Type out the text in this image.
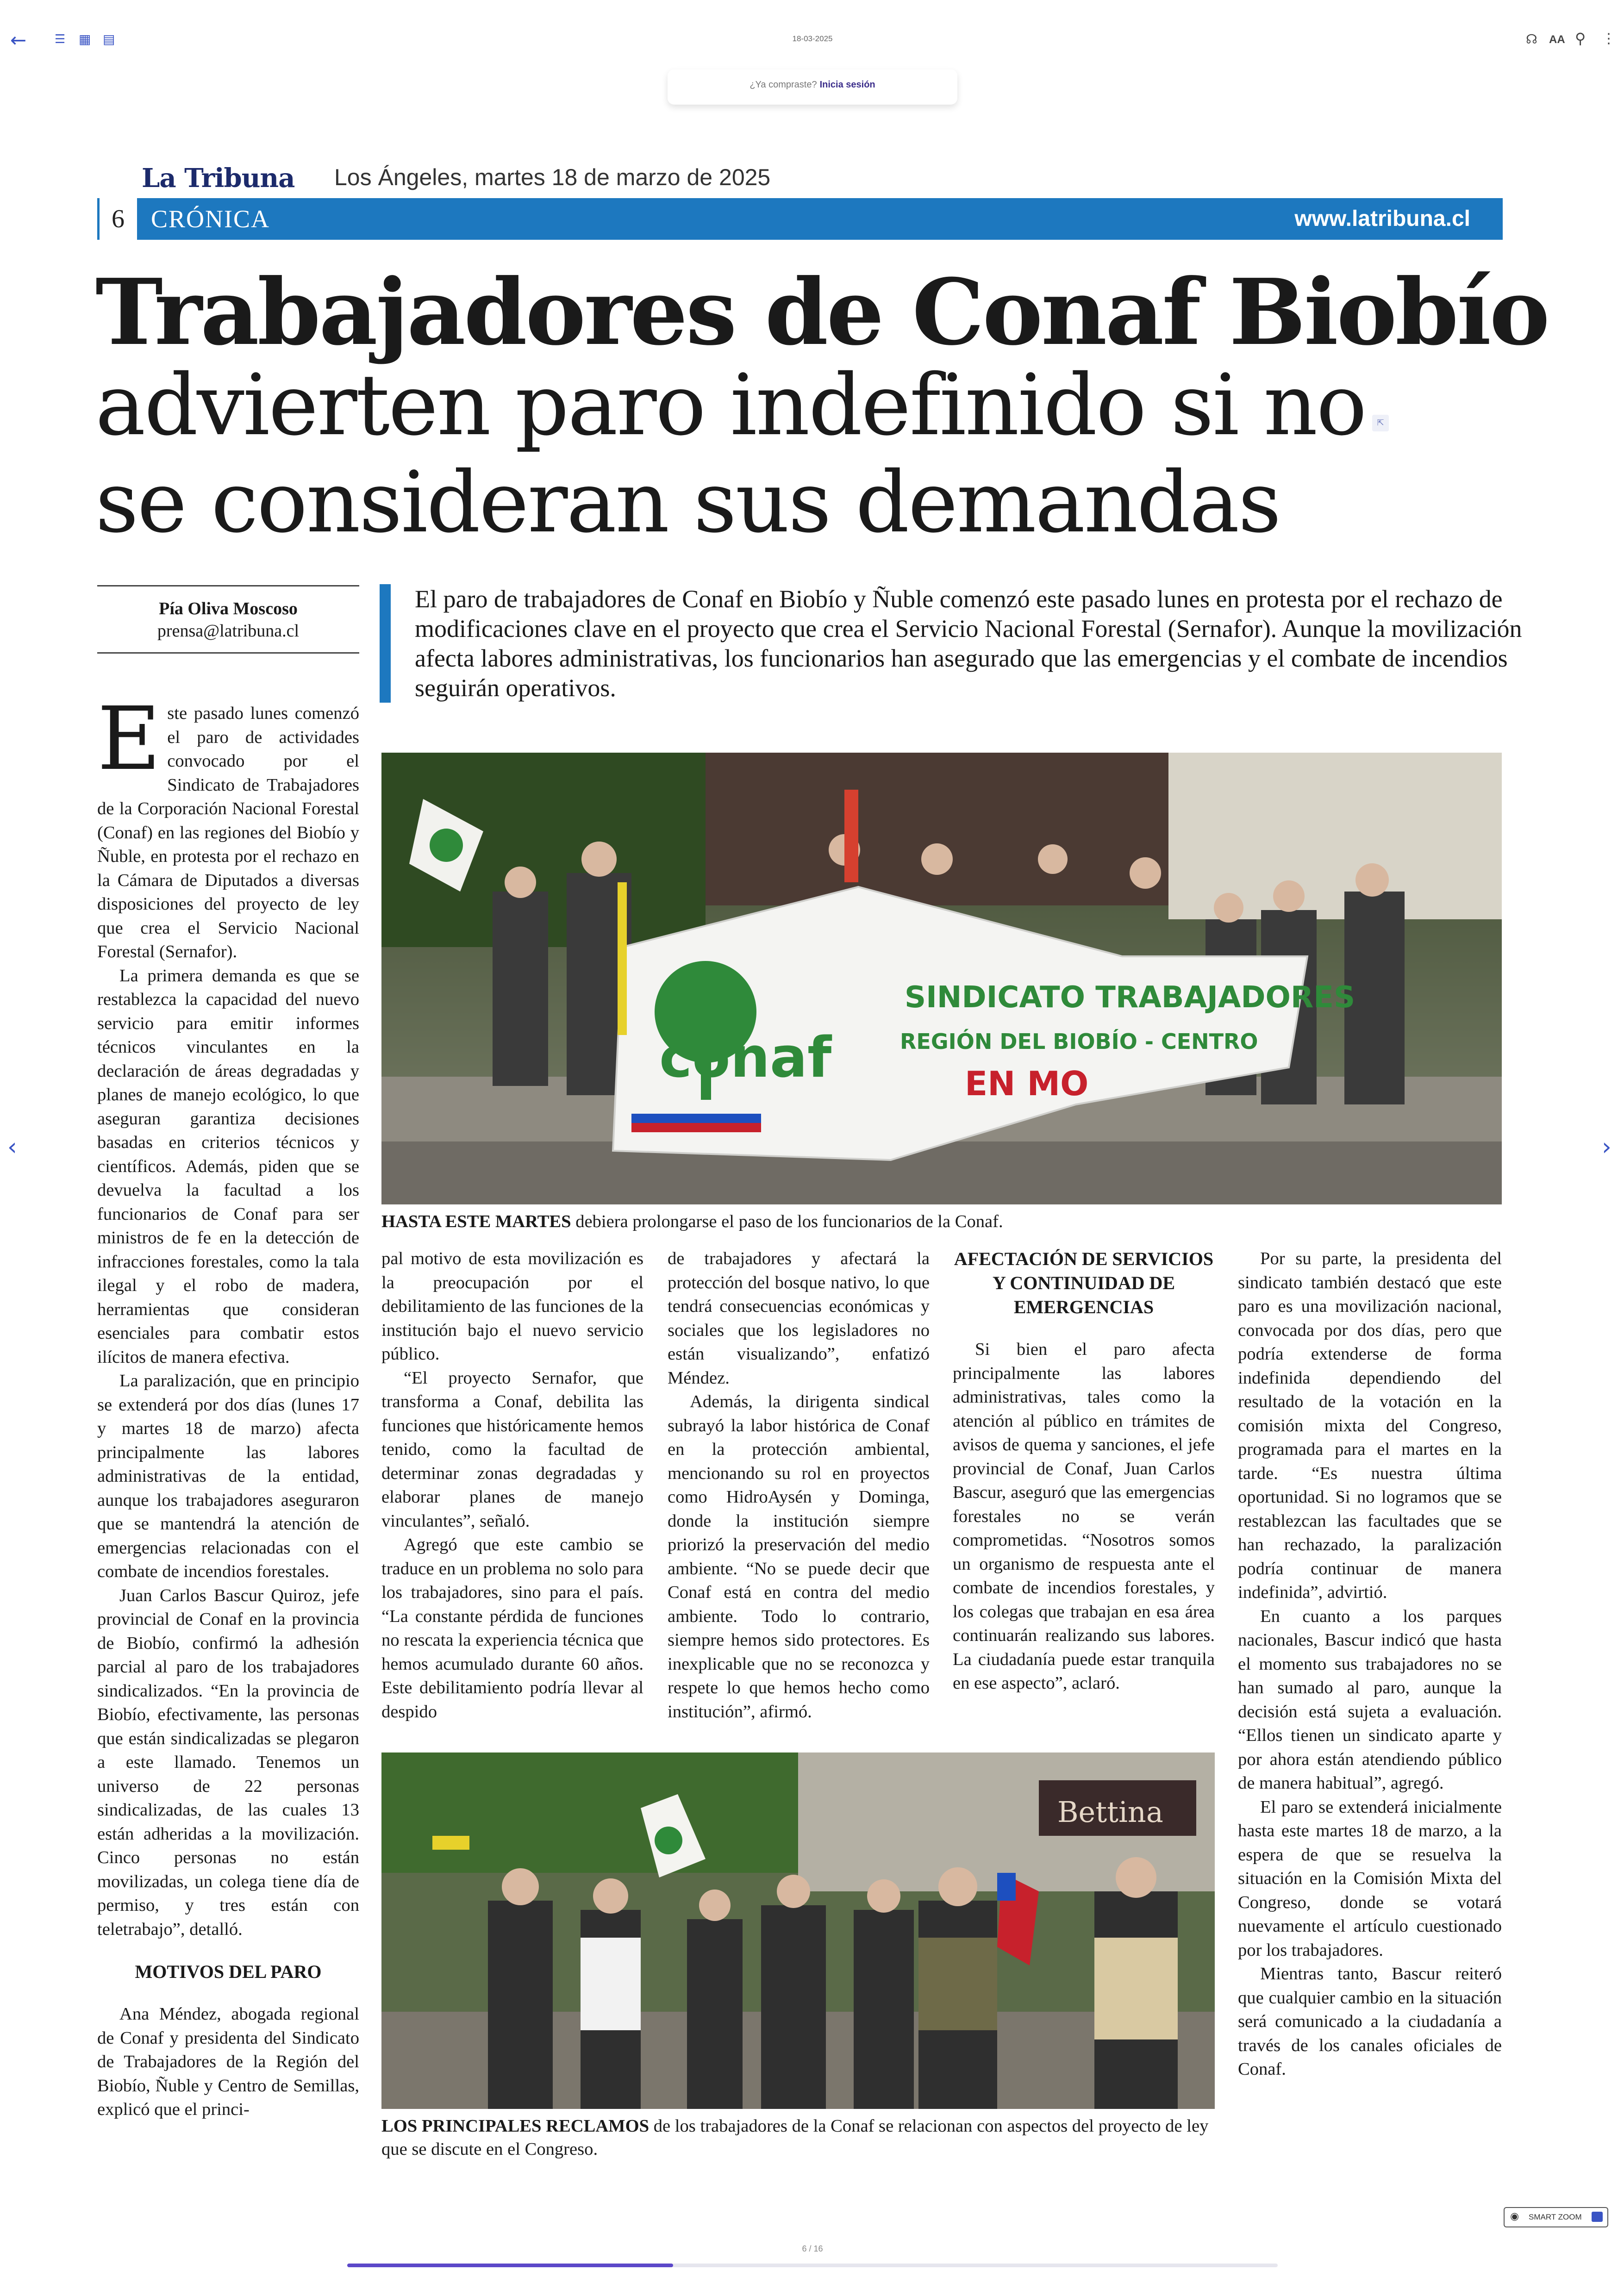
← ☰ ▦ ▤	18-03-2025	☊ AA ⚲ ⋮
¿Ya compraste? Inicia sesión
La Tribuna Los Ángeles, martes 18 de marzo de 2025
6	CRÓNICA	www.latribuna.cl
Trabajadores de Conaf Biobío
advierten paro indefinido si no se consideran sus demandas
⇱
Pía Oliva Moscoso
prensa@latribuna.cl
El paro de trabajadores de Conaf en Biobío y Ñuble comenzó este pasado lunes en protesta por el rechazo de modificaciones clave en el proyecto que crea el Servicio Nacional Forestal (Sernafor). Aunque la movilización afecta labores administrativas, los funcionarios han asegurado que las emergencias y el combate de incendios seguirán operativos.
conaf
SINDICATO TRABAJADORES
REGIÓN DEL BIOBÍO - CENTRO
EN MO
HASTA ESTE MARTES debiera prolongarse el paso de los funcionarios de la Conaf.

Este pasado lunes comenzó el paro de actividades convocado por el Sindicato de Trabajadores de la Corporación Nacional Forestal (Conaf) en las regiones del Biobío y Ñuble, en protesta por el rechazo en la Cámara de Diputados a diversas disposiciones del proyecto de ley que crea el Servicio Nacional Forestal (Sernafor).

La primera demanda es que se restablezca la capacidad del nuevo servicio para emitir informes técnicos vinculantes en la declaración de áreas degradadas y planes de manejo ecológico, lo que aseguran garantiza decisiones basadas en criterios técnicos y científicos. Además, piden que se devuelva la facultad a los funcionarios de Conaf para ser ministros de fe en la detección de infracciones forestales, como la tala ilegal y el robo de madera, herramientas que consideran esenciales para combatir estos ilícitos de manera efectiva.

La paralización, que en principio se extenderá por dos días (lunes 17 y martes 18 de marzo) afecta principalmente las labores administrativas de la entidad, aunque los trabajadores aseguraron que se mantendrá la atención de emergencias relacionadas con el combate de incendios forestales.

Juan Carlos Bascur Quiroz, jefe provincial de Conaf en la provincia de Biobío, confirmó la adhesión parcial al paro de los trabajadores sindicalizados. “En la provincia de Biobío, efectivamente, las personas que están sindicalizadas se plegaron a este llamado. Tenemos un universo de 22 personas sindicalizadas, de las cuales 13 están adheridas a la movilización. Cinco personas no están movilizadas, un colega tiene día de permiso, y tres están con teletrabajo”, detalló.

MOTIVOS DEL PARO

Ana Méndez, abogada regional de Conaf y presidenta del Sindicato de Trabajadores de la Región del Biobío, Ñuble y Centro de Semillas, explicó que el princi-

pal motivo de esta movilización es la preocupación por el debilitamiento de las funciones de la institución bajo el nuevo servicio público.

“El proyecto Sernafor, que transforma a Conaf, debilita las funciones que históricamente hemos tenido, como la facultad de determinar zonas degradadas y elaborar planes de manejo vinculantes”, señaló.

Agregó que este cambio se traduce en un problema no solo para los trabajadores, sino para el país. “La constante pérdida de funciones no rescata la experiencia técnica que hemos acumulado durante 60 años. Este debilitamiento podría llevar al despido

de trabajadores y afectará la protección del bosque nativo, lo que tendrá consecuencias económicas y sociales que los legisladores no están visualizando”, enfatizó Méndez.

Además, la dirigenta sindical subrayó la labor histórica de Conaf en la protección ambiental, mencionando su rol en proyectos como HidroAysén y Dominga, donde la institución siempre priorizó la preservación del medio ambiente. “No se puede decir que Conaf está en contra del medio ambiente. Todo lo contrario, siempre hemos sido protectores. Es inexplicable que no se reconozca y respete lo que hemos hecho como institución”, afirmó.

AFECTACIÓN DE SERVICIOS Y CONTINUIDAD DE EMERGENCIAS

Si bien el paro afecta principalmente las labores administrativas, tales como la atención al público en trámites de avisos de quema y sanciones, el jefe provincial de Conaf, Juan Carlos Bascur, aseguró que las emergencias forestales no se verán comprometidas. “Nosotros somos un organismo de respuesta ante el combate de incendios forestales, y los colegas que trabajan en esa área continuarán realizando sus labores. La ciudadanía puede estar tranquila en ese aspecto”, aclaró.

Por su parte, la presidenta del sindicato también destacó que este paro es una movilización nacional, convocada por dos días, pero que podría extenderse de forma indefinida dependiendo del resultado de la votación en la comisión mixta del Congreso, programada para el martes en la tarde. “Es nuestra última oportunidad. Si no logramos que se restablezcan las facultades que se han rechazado, la paralización podría continuar de manera indefinida”, advirtió.

En cuanto a los parques nacionales, Bascur indicó que hasta el momento sus trabajadores no se han sumado al paro, aunque la decisión está sujeta a evaluación. “Ellos tienen un sindicato aparte y por ahora están atendiendo público de manera habitual”, agregó.

El paro se extenderá inicialmente hasta este martes 18 de marzo, a la espera de que se resuelva la situación en la Comisión Mixta del Congreso, donde se votará nuevamente el artículo cuestionado por los trabajadores.

Mientras tanto, Bascur reiteró que cualquier cambio en la situación será comunicado a la ciudadanía a través de los canales oficiales de Conaf.

Bettina
LOS PRINCIPALES RECLAMOS de los trabajadores de la Conaf se relacionan con aspectos del proyecto de ley que se discute en el Congreso.
‹	›
◉ SMART ZOOM
6 / 16
